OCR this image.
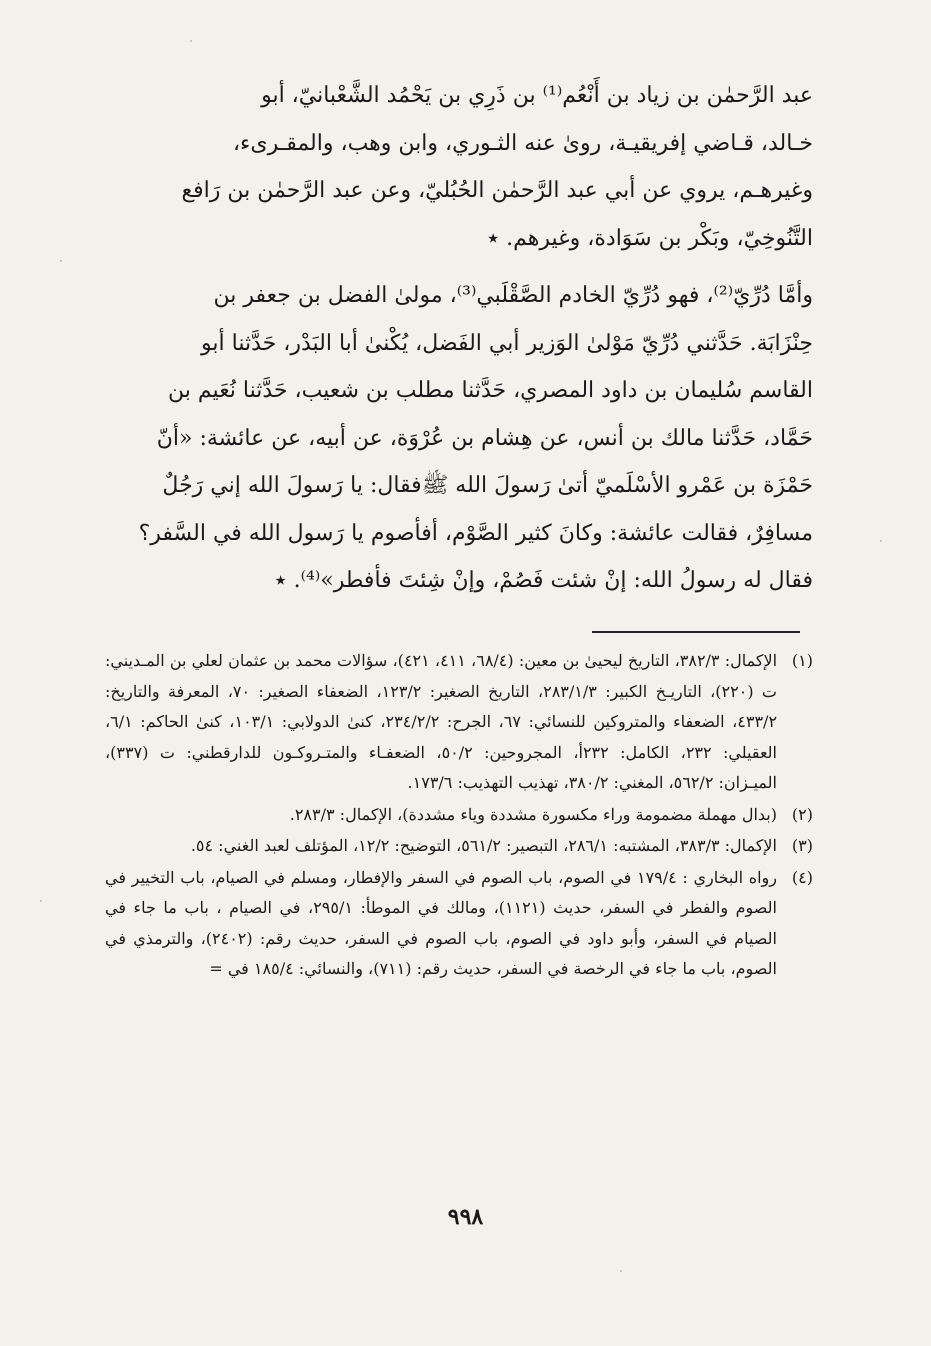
عبد الرَّحمٰن بن زياد بن أَنْعُم⁽¹⁾ بن ذَرِي بن يَحْمُد الشَّعْبانيّ، أبو

خـالد، قـاضي إفريقيـة، روىٰ عنه الثـوري، وابن وهب، والمقـرىء،

وغيرهـم، يروي عن أبي عبد الرَّحمٰن الحُبُليّ، وعن عبد الرَّحمٰن بن رَافع

التَّنُوخِيّ، وبَكْر بن سَوَادة، وغيرهم. ٭

وأمَّا دُرِّيّ⁽²⁾، فهو دُرِّيّ الخادم الصَّقْلَبي⁽³⁾، مولىٰ الفضل بن جعفر بن

حِنْزَابَة. حَدَّثني دُرِّيّ مَوْلىٰ الوَزير أبي الفَضل، يُكْنىٰ أبا البَدْر، حَدَّثنا أبو

القاسم سُليمان بن داود المصري، حَدَّثنا مطلب بن شعيب، حَدَّثنا نُعَيم بن

حَمَّاد، حَدَّثنا مالك بن أنس، عن هِشام بن عُرْوَة، عن أبيه، عن عائشة: «أنّ

حَمْزَة بن عَمْرو الأسْلَميّ أتىٰ رَسولَ الله ﷺفقال: يا رَسولَ الله إني رَجُلٌ

مسافِرٌ، فقالت عائشة: وكانَ كثير الصَّوْم، أفأصوم يا رَسول الله في السَّفر؟

فقال له رسولُ الله: إنْ شئت فَصُمْ، وإنْ شِئتَ فأفطر»⁽⁴⁾. ٭

(١)
الإكمال: ٣٨٢/٣، التاريخ ليحيىٰ بن معين: (٦٨/٤، ٤١١، ٤٢١)، سؤالات محمد بن عثمان لعلي بن المـديني: ت (٢٢٠)، التاريـخ الكبير: ٢٨٣/١/٣، التاريخ الصغير: ١٢٣/٢، الضعفاء الصغير: ٧٠، المعرفة والتاريخ: ٤٣٣/٢، الضعفاء والمتروكين للنسائي: ٦٧، الجرح: ٢٣٤/٢/٢، كنىٰ الدولابي: ١٠٣/١، كنىٰ الحاكم: ٦/١، العقيلي: ٢٣٢، الكامل: ٢٣٢أ، المجروحين: ٥٠/٢، الضعفـاء والمتـروكـون للدارقطني: ت (٣٣٧)، الميـزان: ٥٦٢/٢، المغني: ٣٨٠/٢، تهذيب التهذيب: ١٧٣/٦.
(٢)
(بدال مهملة مضمومة وراء مكسورة مشددة وياء مشددة)، الإكمال: ٢٨٣/٣.
(٣)
الإكمال: ٣٨٣/٣، المشتبه: ٢٨٦/١، التبصير: ٥٦١/٢، التوضيح: ١٢/٢، المؤتلف لعبد الغني: ٥٤.
(٤)
رواه البخاري : ١٧٩/٤ في الصوم، باب الصوم في السفر والإفطار، ومسلم في الصيام، باب التخيير في الصوم والفطر في السفر، حديث (١١٢١)، ومالك في الموطأ: ٢٩٥/١، في الصيام ، باب ما جاء في الصيام في السفر، وأبو داود في الصوم، باب الصوم في السفر، حديث رقم: (٢٤٠٢)، والترمذي في الصوم، باب ما جاء في الرخصة في السفر، حديث رقم: (٧١١)، والنسائي: ١٨٥/٤ في =
٩٩٨
